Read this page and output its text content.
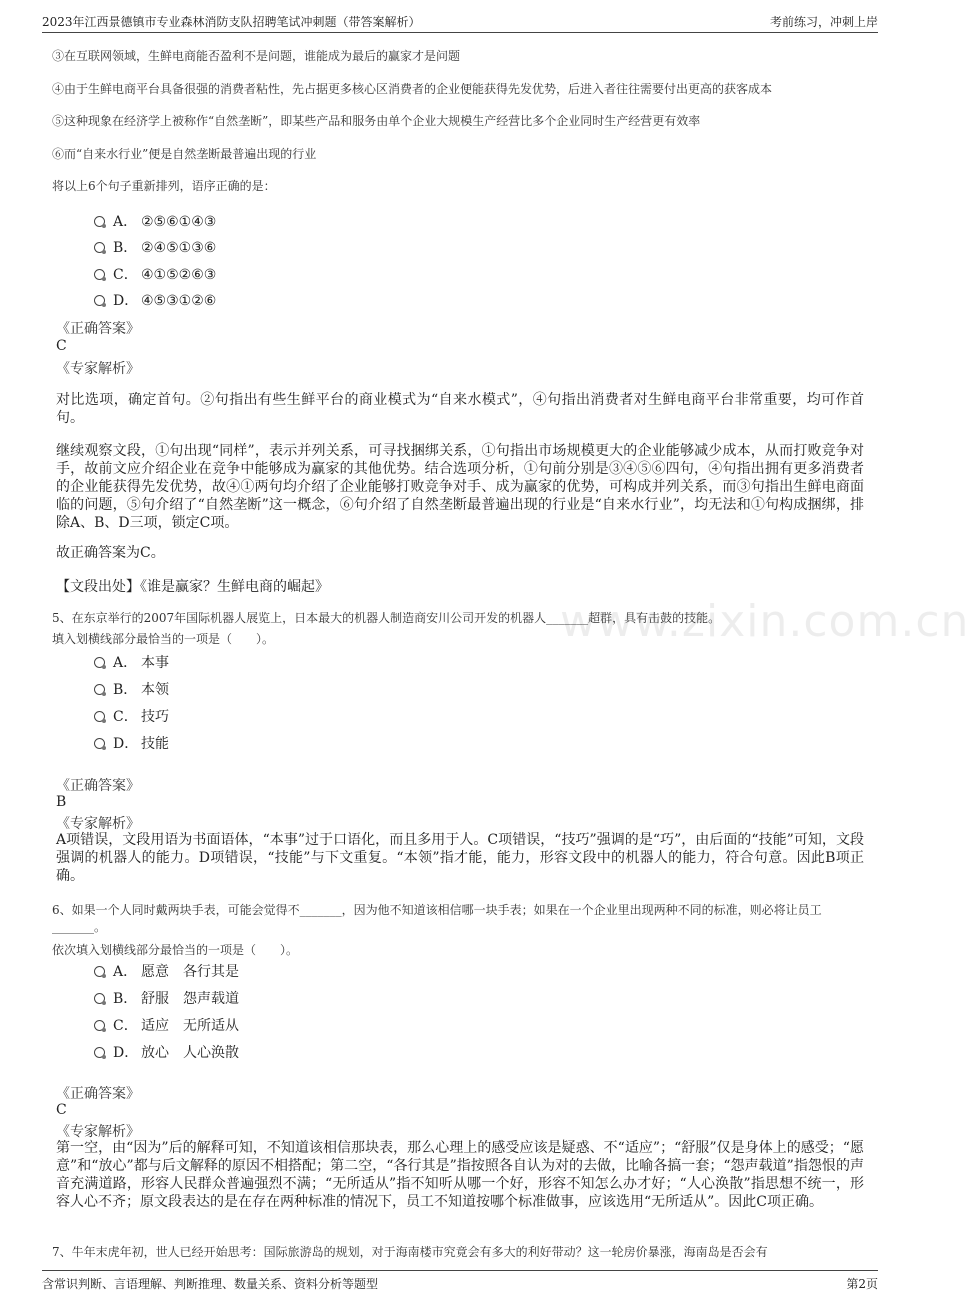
2023年江西景德镇市专业森林消防支队招聘笔试冲刺题（带答案解析）	考前练习，冲刺上岸
③在互联网领域，生鲜电商能否盈利不是问题，谁能成为最后的赢家才是问题
④由于生鲜电商平台具备很强的消费者粘性，先占据更多核心区消费者的企业便能获得先发优势，后进入者往往需要付出更高的获客成本
⑤这种现象在经济学上被称作“自然垄断”，即某些产品和服务由单个企业大规模生产经营比多个企业同时生产经营更有效率
⑥而“自来水行业”便是自然垄断最普遍出现的行业
将以上6个句子重新排列，语序正确的是：
A． ②⑤⑥①④③
B． ②④⑤①③⑥
C． ④①⑤②⑥③
D． ④⑤③①②⑥
《正确答案》
C
《专家解析》
对比选项，确定首句。②句指出有些生鲜平台的商业模式为“自来水模式”，④句指出消费者对生鲜电商平台非常重要，均可作首句。
继续观察文段，①句出现“同样”，表示并列关系，可寻找捆绑关系，①句指出市场规模更大的企业能够减少成本，从而打败竞争对手，故前文应介绍企业在竞争中能够成为赢家的其他优势。结合选项分析，①句前分别是③④⑤⑥四句，④句指出拥有更多消费者的企业能获得先发优势，故④①两句均介绍了企业能够打败竞争对手、成为赢家的优势，可构成并列关系，而③句指出生鲜电商面临的问题，⑤句介绍了“自然垄断”这一概念，⑥句介绍了自然垄断最普遍出现的行业是“自来水行业”，均无法和①句构成捆绑，排除A、B、D三项，锁定C项。
故正确答案为C。
【文段出处】《谁是赢家？生鲜电商的崛起》
www.zixin.com.cn
5、在东京举行的2007年国际机器人展览上，日本最大的机器人制造商安川公司开发的机器人_______超群，具有击鼓的技能。
填入划横线部分最恰当的一项是（　　）。
A． 本事
B． 本领
C． 技巧
D． 技能
《正确答案》
B
《专家解析》
A项错误，文段用语为书面语体，“本事”过于口语化，而且多用于人。C项错误，“技巧”强调的是“巧”，由后面的“技能”可知，文段强调的机器人的能力。D项错误，“技能”与下文重复。“本领”指才能，能力，形容文段中的机器人的能力，符合句意。因此B项正确。
6、如果一个人同时戴两块手表，可能会觉得不_______，因为他不知道该相信哪一块手表；如果在一个企业里出现两种不同的标准，则必将让员工_______。
依次填入划横线部分最恰当的一项是（　　）。
A． 愿意 各行其是
B． 舒服 怨声载道
C． 适应 无所适从
D． 放心 人心涣散
《正确答案》
C
《专家解析》
第一空，由“因为”后的解释可知，不知道该相信那块表，那么心理上的感受应该是疑惑、不“适应”；“舒服”仅是身体上的感受；“愿意”和“放心”都与后文解释的原因不相搭配；第二空，“各行其是”指按照各自认为对的去做，比喻各搞一套；“怨声载道”指怨恨的声音充满道路，形容人民群众普遍强烈不满；“无所适从”指不知听从哪一个好，形容不知怎么办才好；“人心涣散”指思想不统一，形容人心不齐；原文段表达的是在存在两种标准的情况下，员工不知道按哪个标准做事，应该选用“无所适从”。因此C项正确。
7、牛年末虎年初，世人已经开始思考：国际旅游岛的规划，对于海南楼市究竟会有多大的利好带动？这一轮房价暴涨，海南岛是否会有
含常识判断、言语理解、判断推理、数量关系、资料分析等题型	第2页
